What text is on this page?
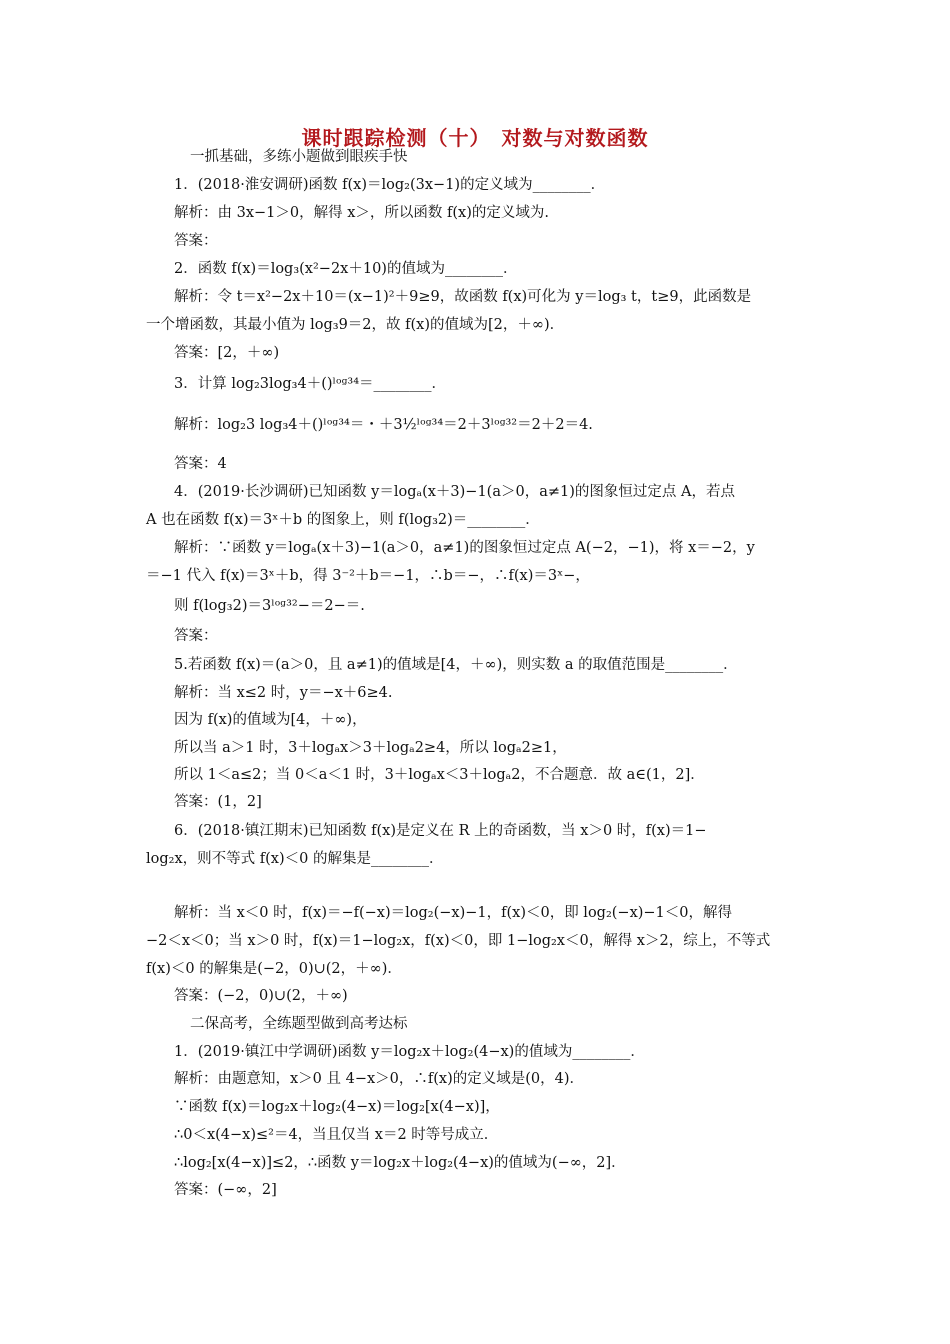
课时跟踪检测（十）　对数与对数函数
一抓基础，多练小题做到眼疾手快
1．(2018·淮安调研)函数 f(x)＝log₂(3x−1)的定义域为________．
解析：由 3x−1＞0，解得 x＞，所以函数 f(x)的定义域为.
答案：
2．函数 f(x)＝log₃(x²−2x＋10)的值域为________．
解析：令 t＝x²−2x＋10＝(x−1)²＋9≥9，故函数 f(x)可化为 y＝log₃ t，t≥9，此函数是
一个增函数，其最小值为 log₃9＝2，故 f(x)的值域为[2，＋∞)．
答案：[2，＋∞)
3．计算 log₂3log₃4＋()ˡᵒᵍ³⁴＝________．
解析：log₂3 log₃4＋()ˡᵒᵍ³⁴＝・＋3½ˡᵒᵍ³⁴＝2＋3ˡᵒᵍ³²＝2＋2＝4.
答案：4
4．(2019·长沙调研)已知函数 y＝logₐ(x＋3)−1(a＞0，a≠1)的图象恒过定点 A，若点
A 也在函数 f(x)＝3ˣ＋b 的图象上，则 f(log₃2)＝________．
解析：∵函数 y＝logₐ(x＋3)−1(a＞0，a≠1)的图象恒过定点 A(−2，−1)，将 x＝−2，y
＝−1 代入 f(x)＝3ˣ＋b，得 3⁻²＋b＝−1，∴b＝−，∴f(x)＝3ˣ−，
则 f(log₃2)＝3ˡᵒᵍ³²−＝2−＝.
答案：
5.若函数 f(x)＝(a＞0，且 a≠1)的值域是[4，＋∞)，则实数 a 的取值范围是________．
解析：当 x≤2 时，y＝−x＋6≥4.
因为 f(x)的值域为[4，＋∞)，
所以当 a＞1 时，3＋logₐx＞3＋logₐ2≥4，所以 logₐ2≥1，
所以 1＜a≤2；当 0＜a＜1 时，3＋logₐx＜3＋logₐ2，不合题意．故 a∈(1，2]．
答案：(1，2]
6．(2018·镇江期末)已知函数 f(x)是定义在 R 上的奇函数，当 x＞0 时，f(x)＝1−
log₂x，则不等式 f(x)＜0 的解集是________．
解析：当 x＜0 时，f(x)＝−f(−x)＝log₂(−x)−1，f(x)＜0，即 log₂(−x)−1＜0，解得
−2＜x＜0；当 x＞0 时，f(x)＝1−log₂x，f(x)＜0，即 1−log₂x＜0，解得 x＞2，综上，不等式
f(x)＜0 的解集是(−2，0)∪(2，＋∞)．
答案：(−2，0)∪(2，＋∞)
二保高考，全练题型做到高考达标
1．(2019·镇江中学调研)函数 y＝log₂x＋log₂(4−x)的值域为________．
解析：由题意知，x＞0 且 4−x＞0，∴f(x)的定义域是(0，4)．
∵函数 f(x)＝log₂x＋log₂(4−x)＝log₂[x(4−x)]，
∴0＜x(4−x)≤²＝4，当且仅当 x＝2 时等号成立．
∴log₂[x(4−x)]≤2，∴函数 y＝log₂x＋log₂(4−x)的值域为(−∞，2]．
答案：(−∞，2]
